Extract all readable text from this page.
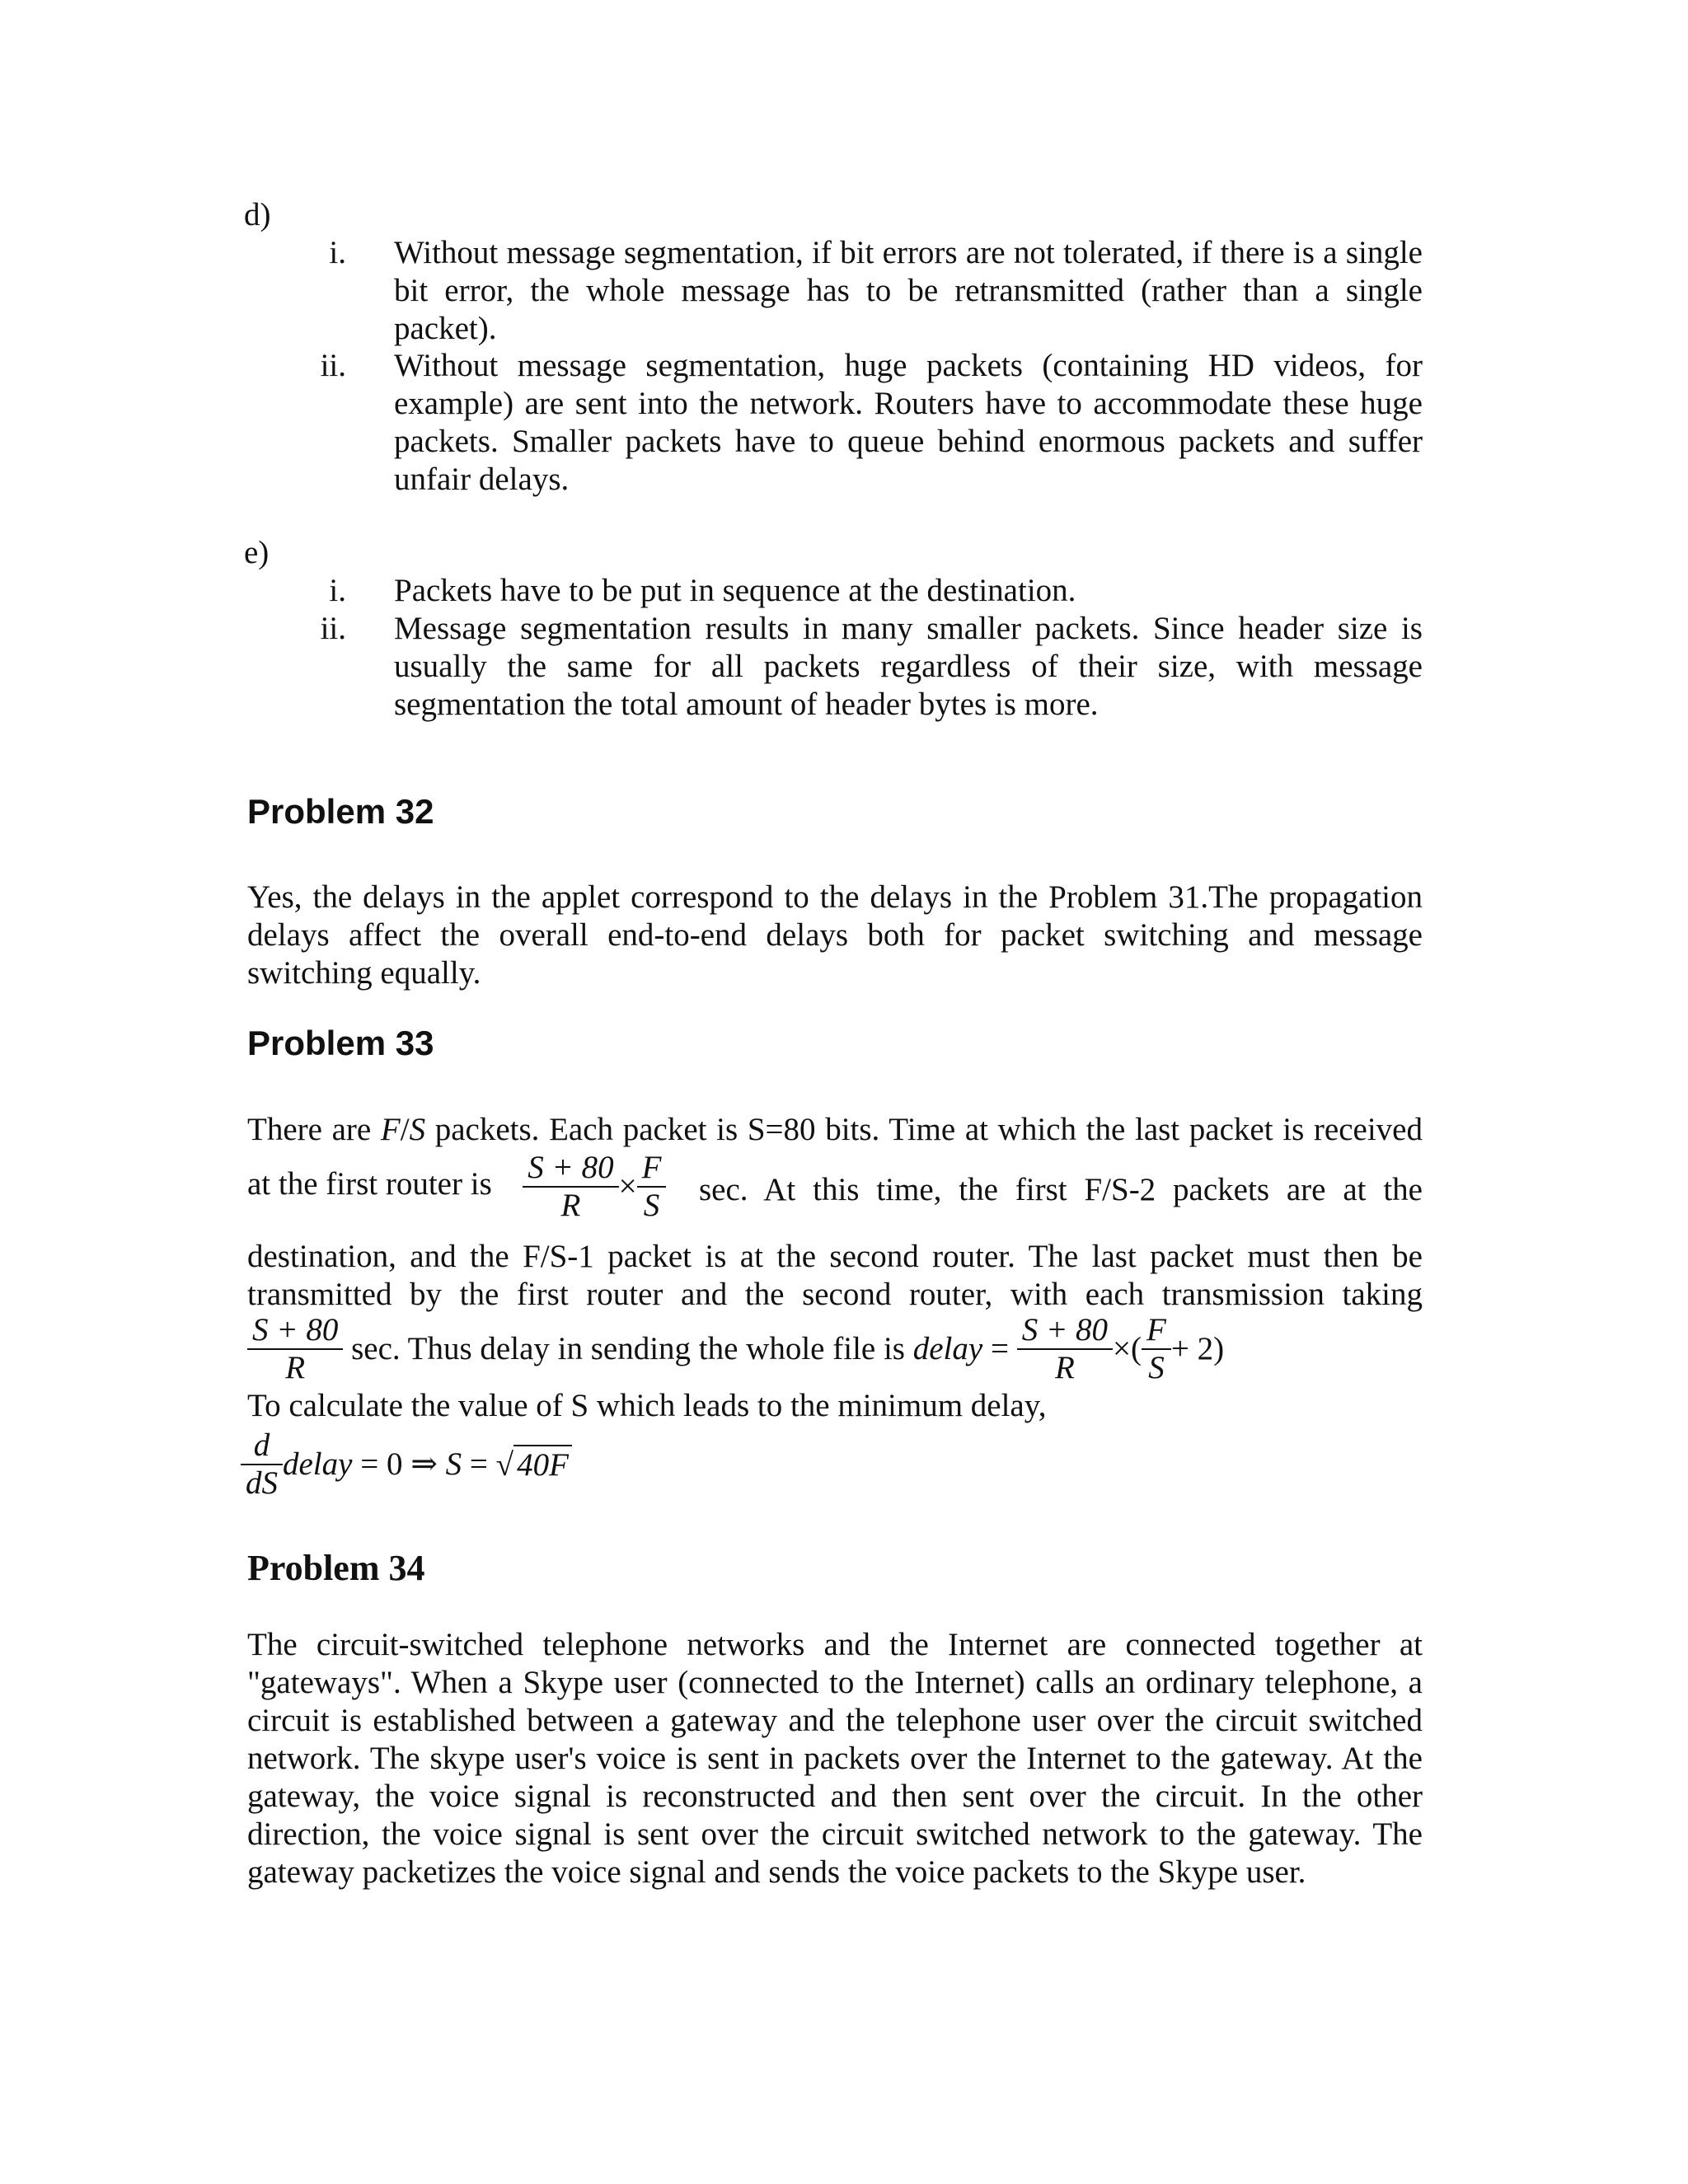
d)
i. Without message segmentation, if bit errors are not tolerated, if there is a single bit error, the whole message has to be retransmitted (rather than a single packet).
ii. Without message segmentation, huge packets (containing HD videos, for example) are sent into the network. Routers have to accommodate these huge packets. Smaller packets have to queue behind enormous packets and suffer unfair delays.
e)
i. Packets have to be put in sequence at the destination.
ii. Message segmentation results in many smaller packets. Since header size is usually the same for all packets regardless of their size, with message segmentation the total amount of header bytes is more.
Problem 32
Yes, the delays in the applet correspond to the delays in the Problem 31.The propagation delays affect the overall end-to-end delays both for packet switching and message switching equally.
Problem 33
There are F/S packets. Each packet is S=80 bits. Time at which the last packet is received
at the first router is $\frac{S + 80}{R} \times \frac{F}{S} \sec$. At this time, the first F/S-2 packets are at the
destination, and the F/S-1 packet is at the second router. The last packet must then be
transmitted by the first router and the second router, with each transmission taking
$\frac{S + 80}{R} \sec$. Thus delay in sending the whole file is delay = $\frac{S + 80}{R}$ ×( $\frac{F}{S} + 2$)
To calculate the value of S which leads to the minimum delay,
$\frac{d}{dS}$ delay = 0 ⇒ S = √ 40F
Problem 34
The circuit-switched telephone networks and the Internet are connected together at "gateways". When a Skype user (connected to the Internet) calls an ordinary telephone, a circuit is established between a gateway and the telephone user over the circuit switched network. The skype user's voice is sent in packets over the Internet to the gateway. At the gateway, the voice signal is reconstructed and then sent over the circuit. In the other direction, the voice signal is sent over the circuit switched network to the gateway. The gateway packetizes the voice signal and sends the voice packets to the Skype user.
